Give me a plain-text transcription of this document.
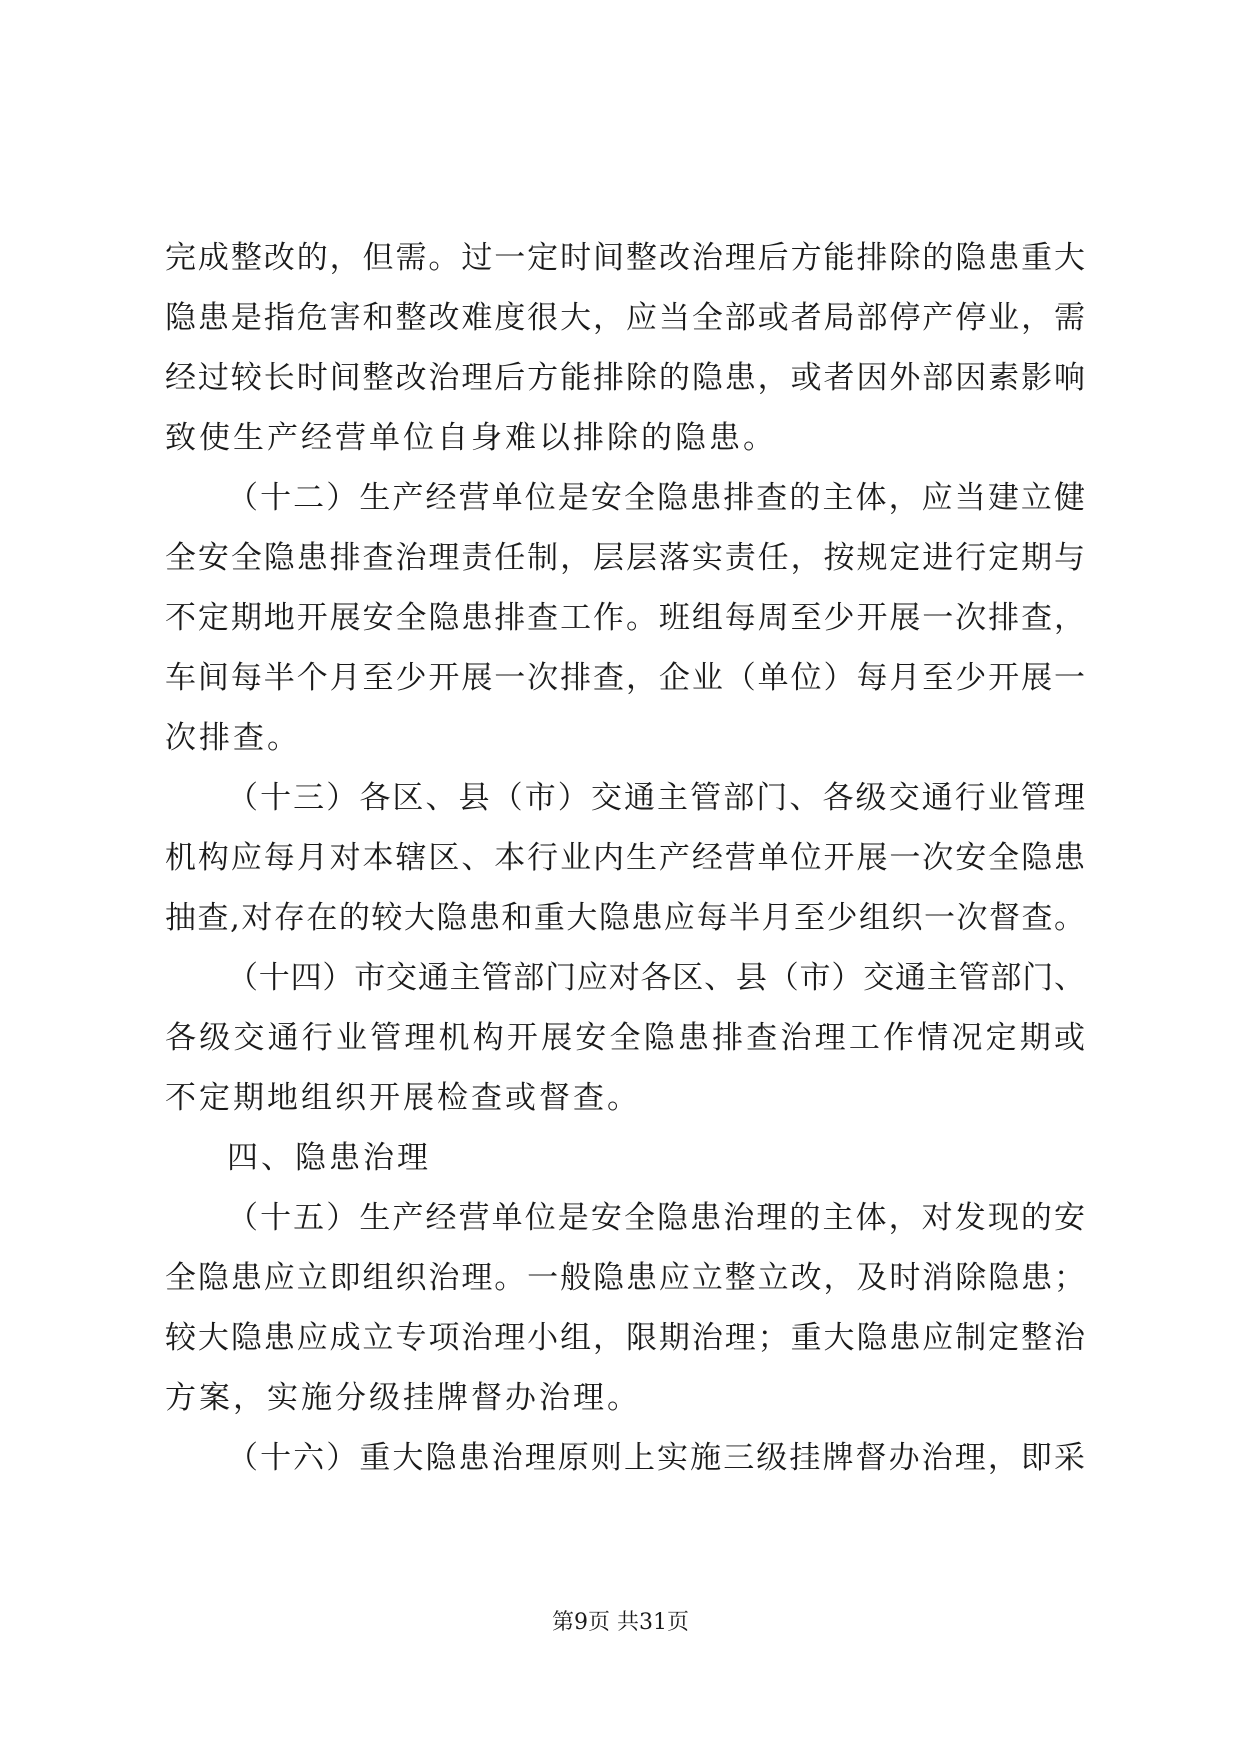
完成整改的，但需。过一定时间整改治理后方能排除的隐患重大
隐患是指危害和整改难度很大，应当全部或者局部停产停业，需
经过较长时间整改治理后方能排除的隐患，或者因外部因素影响
致使生产经营单位自身难以排除的隐患。
（十二）生产经营单位是安全隐患排查的主体，应当建立健
全安全隐患排查治理责任制，层层落实责任，按规定进行定期与
不定期地开展安全隐患排查工作。班组每周至少开展一次排查，
车间每半个月至少开展一次排查，企业（单位）每月至少开展一
次排查。
（十三）各区、县（市）交通主管部门、各级交通行业管理
机构应每月对本辖区、本行业内生产经营单位开展一次安全隐患
抽查,对存在的较大隐患和重大隐患应每半月至少组织一次督查。
（十四）市交通主管部门应对各区、县（市）交通主管部门、
各级交通行业管理机构开展安全隐患排查治理工作情况定期或
不定期地组织开展检查或督查。
四、隐患治理
（十五）生产经营单位是安全隐患治理的主体，对发现的安
全隐患应立即组织治理。一般隐患应立整立改，及时消除隐患；
较大隐患应成立专项治理小组，限期治理；重大隐患应制定整治
方案，实施分级挂牌督办治理。
（十六）重大隐患治理原则上实施三级挂牌督办治理，即采
第9页 共31页
